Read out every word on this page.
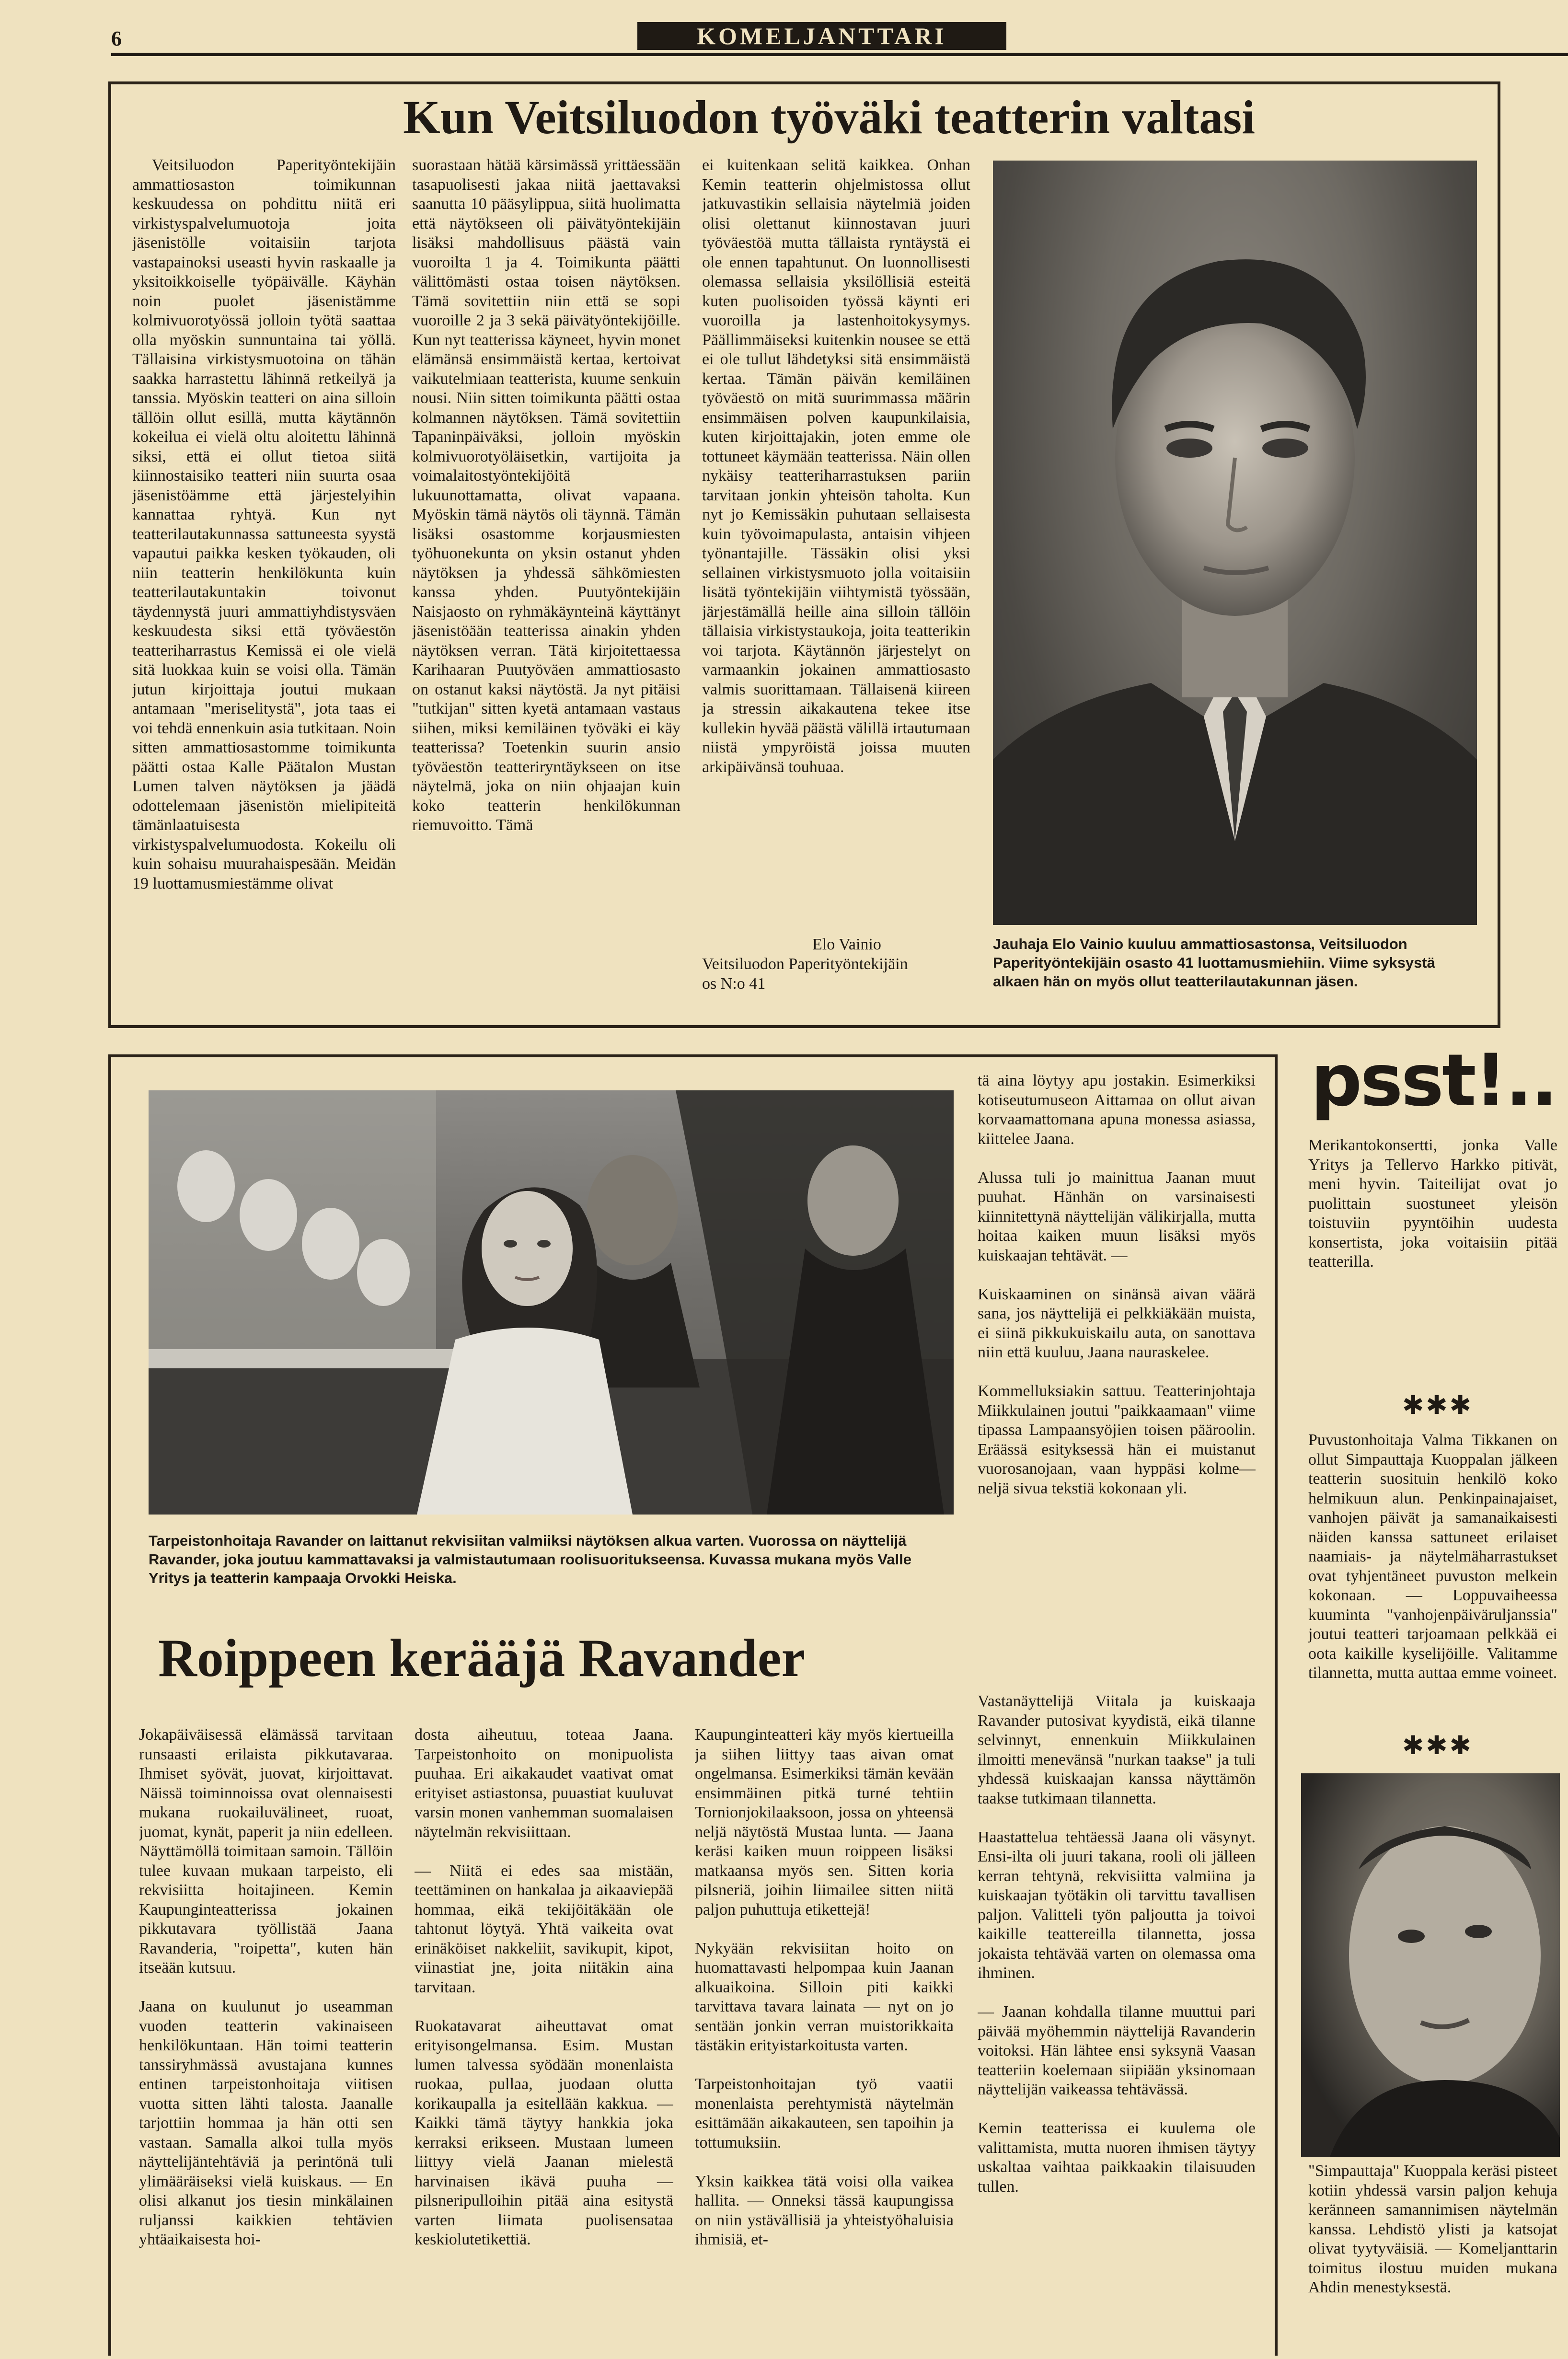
6	KOMELJANTTARI
Kun Veitsiluodon työväki teatterin valtasi
Veitsiluodon Paperityöntekijäin ammattiosaston toimikunnan keskuudessa on pohdittu niitä eri virkistyspalvelumuotoja joita jäsenistölle voitaisiin tarjota vastapainoksi useasti hyvin raskaalle ja yksitoikkoiselle työpäivälle. Käyhän noin puolet jäsenistämme kolmivuorotyössä jolloin työtä saattaa olla myöskin sunnuntaina tai yöllä. Tällaisina virkistysmuotoina on tähän saakka harrastettu lähinnä retkeilyä ja tanssia. Myöskin teatteri on aina silloin tällöin ollut esillä, mutta käytännön kokeilua ei vielä oltu aloitettu lähinnä siksi, että ei ollut tietoa siitä kiinnostaisiko teatteri niin suurta osaa jäsenistöämme että järjestelyihin kannattaa ryhtyä. Kun nyt teatterilautakunnassa sattuneesta syystä vapautui paikka kesken työkauden, oli niin teatterin henkilökunta kuin teatterilautakuntakin toivonut täydennystä juuri ammattiyhdistysväen keskuudesta siksi että työväestön teatteriharrastus Kemissä ei ole vielä sitä luokkaa kuin se voisi olla. Tämän jutun kirjoittaja joutui mukaan antamaan "meriselitystä", jota taas ei voi tehdä ennenkuin asia tutkitaan. Noin sitten ammattiosastomme toimikunta päätti ostaa Kalle Päätalon Mustan Lumen talven näytöksen ja jäädä odottelemaan jäsenistön mielipiteitä tämänlaatuisesta virkistyspalvelumuodosta. Kokeilu oli kuin sohaisu muurahaispesään. Meidän 19 luottamusmiestämme olivat
suorastaan hätää kärsimässä yrittäessään tasapuolisesti jakaa niitä jaettavaksi saanutta 10 pääsylippua, siitä huolimatta että näytökseen oli päivätyöntekijäin lisäksi mahdollisuus päästä vain vuoroilta 1 ja 4. Toimikunta päätti välittömästi ostaa toisen näytöksen. Tämä sovitettiin niin että se sopi vuoroille 2 ja 3 sekä päivätyöntekijöille. Kun nyt teatterissa käyneet, hyvin monet elämänsä ensimmäistä kertaa, kertoivat vaikutelmiaan teatterista, kuume senkuin nousi. Niin sitten toimikunta päätti ostaa kolmannen näytöksen. Tämä sovitettiin Tapaninpäiväksi, jolloin myöskin kolmivuorotyöläisetkin, vartijoita ja voimalaitostyöntekijöitä lukuunottamatta, olivat vapaana. Myöskin tämä näytös oli täynnä. Tämän lisäksi osastomme korjausmiesten työhuonekunta on yksin ostanut yhden näytöksen ja yhdessä sähkömiesten kanssa yhden. Puutyöntekijäin Naisjaosto on ryhmäkäynteinä käyttänyt jäsenistöään teatterissa ainakin yhden näytöksen verran. Tätä kirjoitettaessa Karihaaran Puutyöväen ammattiosasto on ostanut kaksi näytöstä. Ja nyt pitäisi "tutkijan" sitten kyetä antamaan vastaus siihen, miksi kemiläinen työväki ei käy teatterissa? Toetenkin suurin ansio työväestön teatteriryntäykseen on itse näytelmä, joka on niin ohjaajan kuin koko teatterin henkilökunnan riemuvoitto. Tämä
ei kuitenkaan selitä kaikkea. Onhan Kemin teatterin ohjelmistossa ollut jatkuvastikin sellaisia näytelmiä joiden olisi olettanut kiinnostavan juuri työväestöä mutta tällaista ryntäystä ei ole ennen tapahtunut. On luonnollisesti olemassa sellaisia yksilöllisiä esteitä kuten puolisoiden työssä käynti eri vuoroilla ja lastenhoitokysymys. Päällimmäiseksi kuitenkin nousee se että ei ole tullut lähdetyksi sitä ensimmäistä kertaa. Tämän päivän kemiläinen työväestö on mitä suurimmassa määrin ensimmäisen polven kaupunkilaisia, kuten kirjoittajakin, joten emme ole tottuneet käymään teatterissa. Näin ollen nykäisy teatteriharrastuksen pariin tarvitaan jonkin yhteisön taholta. Kun nyt jo Kemissäkin puhutaan sellaisesta kuin työvoimapulasta, antaisin vihjeen työnantajille. Tässäkin olisi yksi sellainen virkistysmuoto jolla voitaisiin lisätä työntekijäin viihtymistä työssään, järjestämällä heille aina silloin tällöin tällaisia virkistystaukoja, joita teatterikin voi tarjota. Käytännön järjestelyt on varmaankin jokainen ammattiosasto valmis suorittamaan. Tällaisenä kiireen ja stressin aikakautena tekee itse kullekin hyvää päästä välillä irtautumaan niistä ympyröistä joissa muuten arkipäivänsä touhuaa.
Elo Vainio
Veitsiluodon Paperityöntekijäin
os N:o 41
Jauhaja Elo Vainio kuuluu ammattiosastonsa, Veitsiluodon Paperityöntekijäin osasto 41 luottamusmiehiin. Viime syksystä alkaen hän on myös ollut teatterilautakunnan jäsen.
Tarpeistonhoitaja Ravander on laittanut rekvisiitan valmiiksi näytöksen alkua varten. Vuorossa on näyttelijä Ravander, joka joutuu kammattavaksi ja valmistautumaan roolisuoritukseensa. Kuvassa mukana myös Valle Yritys ja teatterin kampaaja Orvokki Heiska.
tä aina löytyy apu jostakin. Esimerkiksi kotiseutumuseon Aittamaa on ollut aivan korvaamattomana apuna monessa asiassa, kiittelee Jaana.

Alussa tuli jo mainittua Jaanan muut puuhat. Hänhän on varsinaisesti kiinnitettynä näyttelijän välikirjalla, mutta hoitaa kaiken muun lisäksi myös kuiskaajan tehtävät. —

Kuiskaaminen on sinänsä aivan väärä sana, jos näyttelijä ei pelkkiäkään muista, ei siinä pikkukuiskailu auta, on sanottava niin että kuuluu, Jaana nauraskelee.

Kommelluksiakin sattuu. Teatterinjohtaja Miikkulainen joutui "paikkaamaan" viime tipassa Lampaansyöjien toisen pääroolin. Eräässä esityksessä hän ei muistanut vuorosanojaan, vaan hyppäsi kolme—neljä sivua tekstiä kokonaan yli.
Roippeen kerääjä Ravander
Jokapäiväisessä elämässä tarvitaan runsaasti erilaista pikkutavaraa. Ihmiset syövät, juovat, kirjoittavat. Näissä toiminnoissa ovat olennaisesti mukana ruokailuvälineet, ruoat, juomat, kynät, paperit ja niin edelleen. Näyttämöllä toimitaan samoin. Tällöin tulee kuvaan mukaan tarpeisto, eli rekvisiitta hoitajineen. Kemin Kaupunginteatterissa jokainen pikkutavara työllistää Jaana Ravanderia, "roipetta", kuten hän itseään kutsuu.

Jaana on kuulunut jo useamman vuoden teatterin vakinaiseen henkilökuntaan. Hän toimi teatterin tanssiryhmässä avustajana kunnes entinen tarpeistonhoitaja viitisen vuotta sitten lähti talosta. Jaanalle tarjottiin hommaa ja hän otti sen vastaan. Samalla alkoi tulla myös näyttelijäntehtäviä ja perintönä tuli ylimääräiseksi vielä kuiskaus. — En olisi alkanut jos tiesin minkälainen ruljanssi kaikkien tehtävien yhtäaikaisesta hoi-
dosta aiheutuu, toteaa Jaana. Tarpeistonhoito on monipuolista puuhaa. Eri aikakaudet vaativat omat erityiset astiastonsa, puuastiat kuuluvat varsin monen vanhemman suomalaisen näytelmän rekvisiittaan.

— Niitä ei edes saa mistään, teettäminen on hankalaa ja aikaaviepää hommaa, eikä tekijöitäkään ole tahtonut löytyä. Yhtä vaikeita ovat erinäköiset nakkeliit, savikupit, kipot, viinastiat jne, joita niitäkin aina tarvitaan.

Ruokatavarat aiheuttavat omat erityisongelmansa. Esim. Mustan lumen talvessa syödään monenlaista ruokaa, pullaa, juodaan olutta korikaupalla ja esitellään kakkua. — Kaikki tämä täytyy hankkia joka kerraksi erikseen. Mustaan lumeen liittyy vielä Jaanan mielestä harvinaisen ikävä puuha — pilsneripulloihin pitää aina esitystä varten liimata puolisensataa keskiolutetikettiä.
Kaupunginteatteri käy myös kiertueilla ja siihen liittyy taas aivan omat ongelmansa. Esimerkiksi tämän kevään ensimmäinen pitkä turné tehtiin Tornionjokilaaksoon, jossa on yhteensä neljä näytöstä Mustaa lunta. — Jaana keräsi kaiken muun roippeen lisäksi matkaansa myös sen. Sitten koria pilsneriä, joihin liimailee sitten niitä paljon puhuttuja etikettejä!

Nykyään rekvisiitan hoito on huomattavasti helpompaa kuin Jaanan alkuaikoina. Silloin piti kaikki tarvittava tavara lainata — nyt on jo sentään jonkin verran muistorikkaita tästäkin erityistarkoitusta varten.

Tarpeistonhoitajan työ vaatii monenlaista perehtymistä näytelmän esittämään aikakauteen, sen tapoihin ja tottumuksiin.

Yksin kaikkea tätä voisi olla vaikea hallita. — Onneksi tässä kaupungissa on niin ystävällisiä ja yhteistyöhaluisia ihmisiä, et-
Vastanäyttelijä Viitala ja kuiskaaja Ravander putosivat kyydistä, eikä tilanne selvinnyt, ennenkuin Miikkulainen ilmoitti menevänsä "nurkan taakse" ja tuli yhdessä kuiskaajan kanssa näyttämön taakse tutkimaan tilannetta.

Haastattelua tehtäessä Jaana oli väsynyt. Ensi-ilta oli juuri takana, rooli oli jälleen kerran tehtynä, rekvisiitta valmiina ja kuiskaajan työtäkin oli tarvittu tavallisen paljon. Valitteli työn paljoutta ja toivoi kaikille teattereilla tilannetta, jossa jokaista tehtävää varten on olemassa oma ihminen.

— Jaanan kohdalla tilanne muuttui pari päivää myöhemmin näyttelijä Ravanderin voitoksi. Hän lähtee ensi syksynä Vaasan teatteriin koelemaan siipiään yksinomaan näyttelijän vaikeassa tehtävässä.

Kemin teatterissa ei kuulema ole valittamista, mutta nuoren ihmisen täytyy uskaltaa vaihtaa paikkaakin tilaisuuden tullen.
psst!..
Merikantokonsertti, jonka Valle Yritys ja Tellervo Harkko pitivät, meni hyvin. Taiteilijat ovat jo puolittain suostuneet yleisön toistuviin pyyntöihin uudesta konsertista, joka voitaisiin pitää teatterilla.
✱✱✱
Puvustonhoitaja Valma Tikkanen on ollut Simpauttaja Kuoppalan jälkeen teatterin suosituin henkilö koko helmikuun alun. Penkinpainajaiset, vanhojen päivät ja samanaikaisesti näiden kanssa sattuneet erilaiset naamiais- ja näytelmäharrastukset ovat tyhjentäneet puvuston melkein kokonaan. — Loppuvaiheessa kuuminta "vanhojenpäiväruljanssia" joutui teatteri tarjoamaan pelkkää ei oota kaikille kyselijöille. Valitamme tilannetta, mutta auttaa emme voineet.
✱✱✱
"Simpauttaja" Kuoppala keräsi pisteet kotiin yhdessä varsin paljon kehuja keränneen samannimisen näytelmän kanssa. Lehdistö ylisti ja katsojat olivat tyytyväisiä. — Komeljanttarin toimitus ilostuu muiden mukana Ahdin menestyksestä.
